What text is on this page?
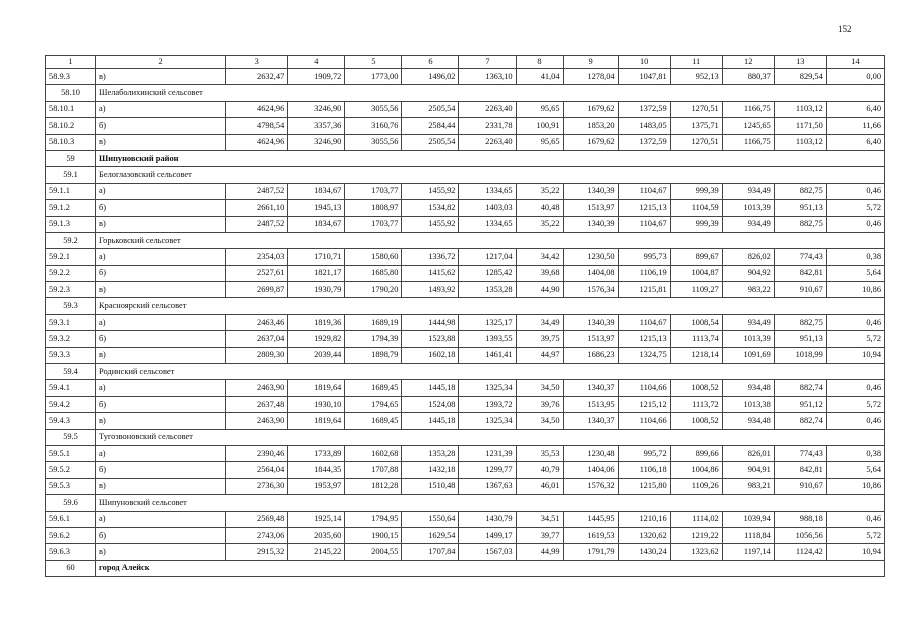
152
1	2	3	4	5	6	7	8	9	10	11	12	13	14
58.9.3	в)	2632,47	1909,72	1773,00	1496,02	1363,10	41,04	1278,04	1047,81	952,13	880,37	829,54	0,00
58.10	Шелаболихинский сельсовет												
58.10.1	а)	4624,96	3246,90	3055,56	2505,54	2263,40	95,65	1679,62	1372,59	1270,51	1166,75	1103,12	6,40
58.10.2	б)	4798,54	3357,36	3160,76	2584,44	2331,78	100,91	1853,20	1483,05	1375,71	1245,65	1171,50	11,66
58.10.3	в)	4624,96	3246,90	3055,56	2505,54	2263,40	95,65	1679,62	1372,59	1270,51	1166,75	1103,12	6,40
59	Шипуновский район												
59.1	Белоглазовский сельсовет												
59.1.1	а)	2487,52	1834,67	1703,77	1455,92	1334,65	35,22	1340,39	1104,67	999,39	934,49	882,75	0,46
59.1.2	б)	2661,10	1945,13	1808,97	1534,82	1403,03	40,48	1513,97	1215,13	1104,59	1013,39	951,13	5,72
59.1.3	в)	2487,52	1834,67	1703,77	1455,92	1334,65	35,22	1340,39	1104,67	999,39	934,49	882,75	0,46
59.2	Горьковский сельсовет												
59.2.1	а)	2354,03	1710,71	1580,60	1336,72	1217,04	34,42	1230,50	995,73	899,67	826,02	774,43	0,38
59.2.2	б)	2527,61	1821,17	1685,80	1415,62	1285,42	39,68	1404,08	1106,19	1004,87	904,92	842,81	5,64
59.2.3	в)	2699,87	1930,79	1790,20	1493,92	1353,28	44,90	1576,34	1215,81	1109,27	983,22	910,67	10,86
59.3	Красноярский сельсовет												
59.3.1	а)	2463,46	1819,36	1689,19	1444,98	1325,17	34,49	1340,39	1104,67	1008,54	934,49	882,75	0,46
59.3.2	б)	2637,04	1929,82	1794,39	1523,88	1393,55	39,75	1513,97	1215,13	1113,74	1013,39	951,13	5,72
59.3.3	в)	2809,30	2039,44	1898,79	1602,18	1461,41	44,97	1686,23	1324,75	1218,14	1091,69	1018,99	10,94
59.4	Родинский сельсовет												
59.4.1	а)	2463,90	1819,64	1689,45	1445,18	1325,34	34,50	1340,37	1104,66	1008,52	934,48	882,74	0,46
59.4.2	б)	2637,48	1930,10	1794,65	1524,08	1393,72	39,76	1513,95	1215,12	1113,72	1013,38	951,12	5,72
59.4.3	в)	2463,90	1819,64	1689,45	1445,18	1325,34	34,50	1340,37	1104,66	1008,52	934,48	882,74	0,46
59.5	Тугозвоновский сельсовет												
59.5.1	а)	2390,46	1733,89	1602,68	1353,28	1231,39	35,53	1230,48	995,72	899,66	826,01	774,43	0,38
59.5.2	б)	2564,04	1844,35	1707,88	1432,18	1299,77	40,79	1404,06	1106,18	1004,86	904,91	842,81	5,64
59.5.3	в)	2736,30	1953,97	1812,28	1510,48	1367,63	46,01	1576,32	1215,80	1109,26	983,21	910,67	10,86
59.6	Шипуновский сельсовет												
59.6.1	а)	2569,48	1925,14	1794,95	1550,64	1430,79	34,51	1445,95	1210,16	1114,02	1039,94	988,18	0,46
59.6.2	б)	2743,06	2035,60	1900,15	1629,54	1499,17	39,77	1619,53	1320,62	1219,22	1118,84	1056,56	5,72
59.6.3	в)	2915,32	2145,22	2004,55	1707,84	1567,03	44,99	1791,79	1430,24	1323,62	1197,14	1124,42	10,94
60	город Алейск												
